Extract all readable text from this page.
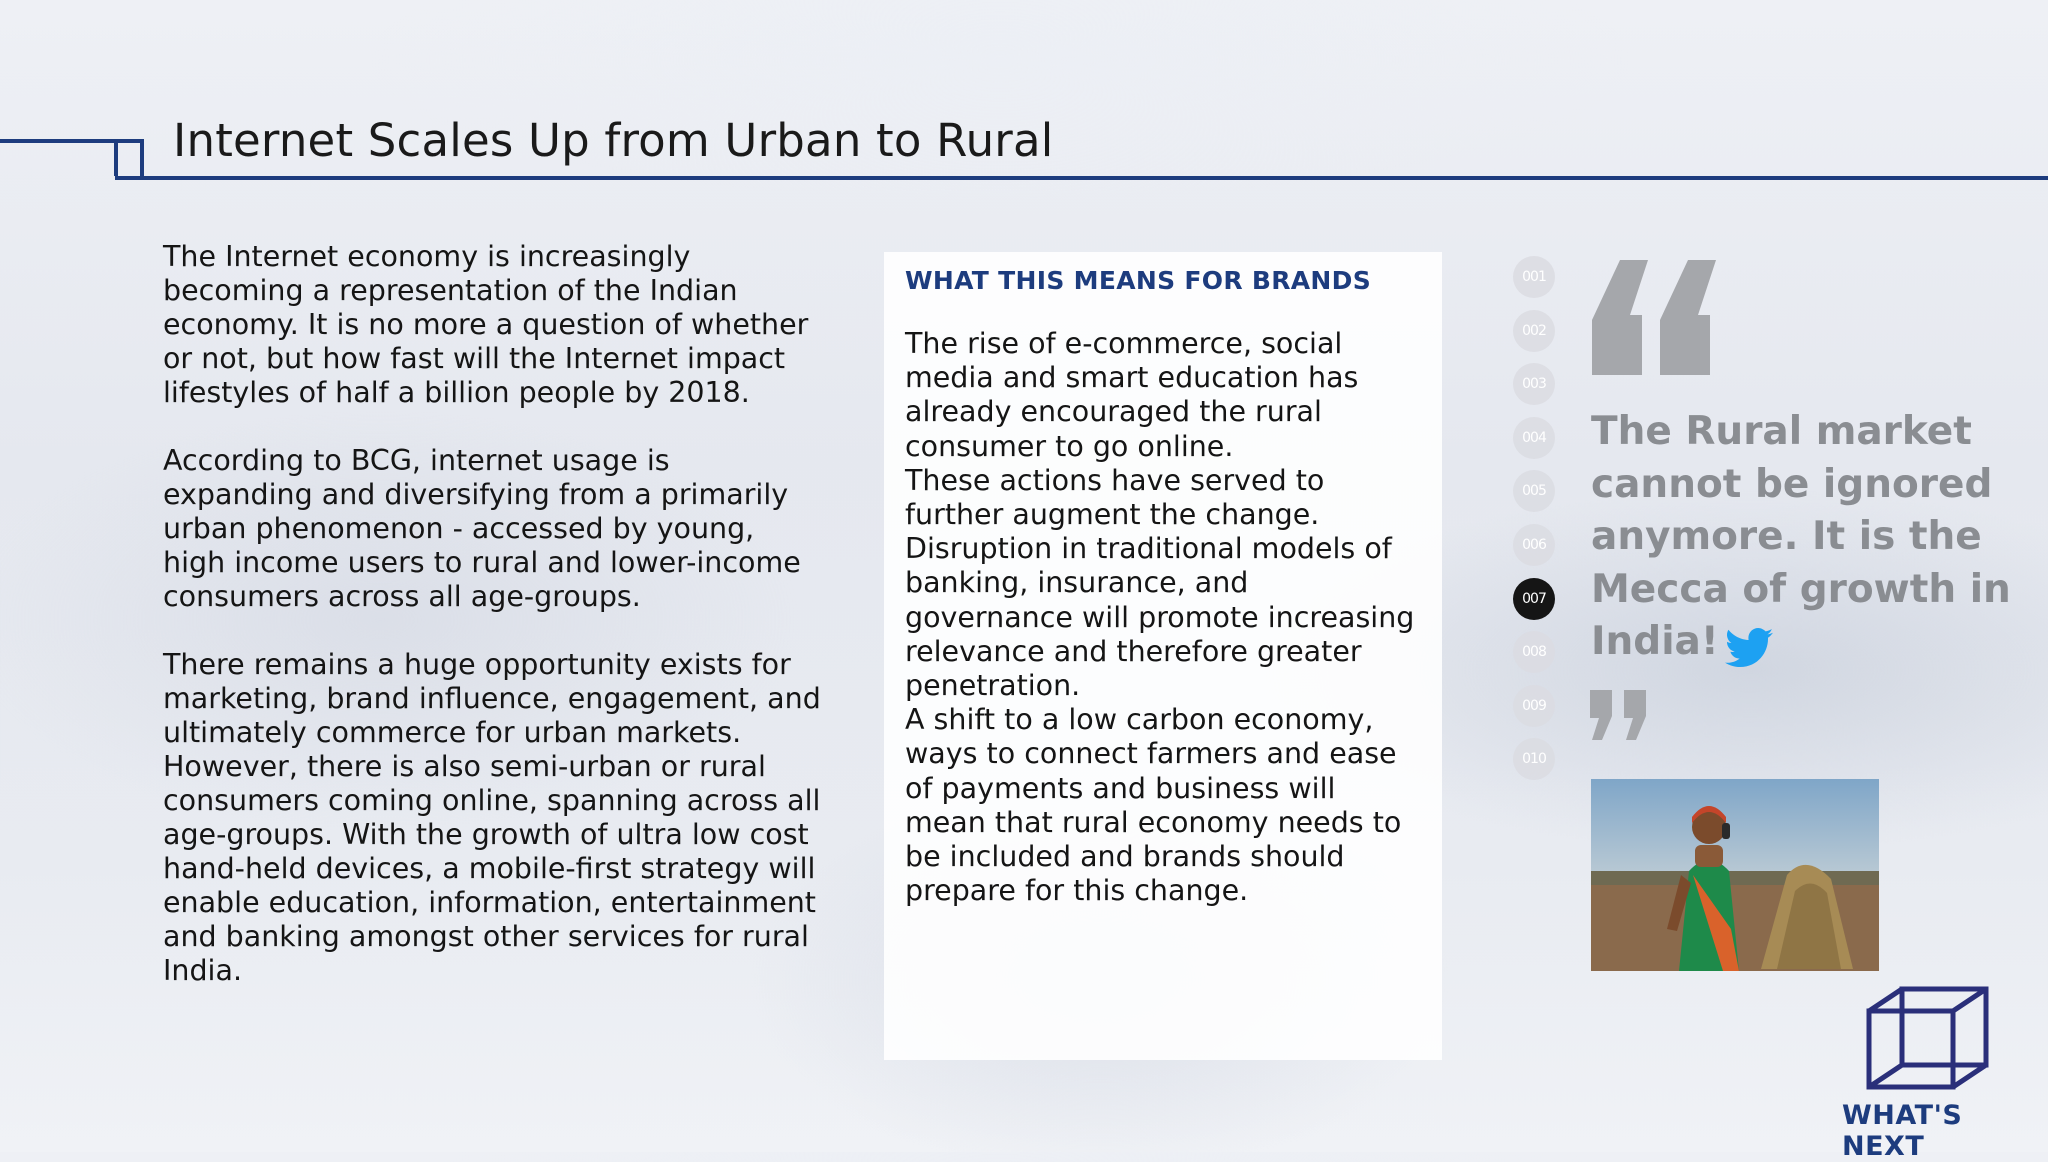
Internet Scales Up from Urban to Rural

The Internet economy is increasingly becoming a representation of the Indian economy. It is no more a question of whether or not, but how fast will the Internet impact lifestyles of half a billion people by 2018.

According to BCG, internet usage is expanding and diversifying from a primarily urban phenomenon - accessed by young, high income users to rural and lower-income consumers across all age-groups.

There remains a huge opportunity exists for marketing, brand influence, engagement, and ultimately commerce for urban markets. However, there is also semi-urban or rural consumers coming online, spanning across all age-groups. With the growth of ultra low cost hand-held devices, a mobile-first strategy will enable education, information, entertainment and banking amongst other services for rural India.

WHAT THIS MEANS FOR BRANDS
The rise of e-commerce, social media and smart education has already encouraged the rural consumer to go online.
These actions have served to further augment the change.
Disruption in traditional models of banking, insurance, and governance will promote increasing relevance and therefore greater penetration.
A shift to a low carbon economy, ways to connect farmers and ease of payments and business will mean that rural economy needs to be included and brands should prepare for this change.
001
002
003
004
005
006
007
008
009
010

The Rural market cannot be ignored anymore. It is the Mecca of growth in India!

WHAT'S NEXT
